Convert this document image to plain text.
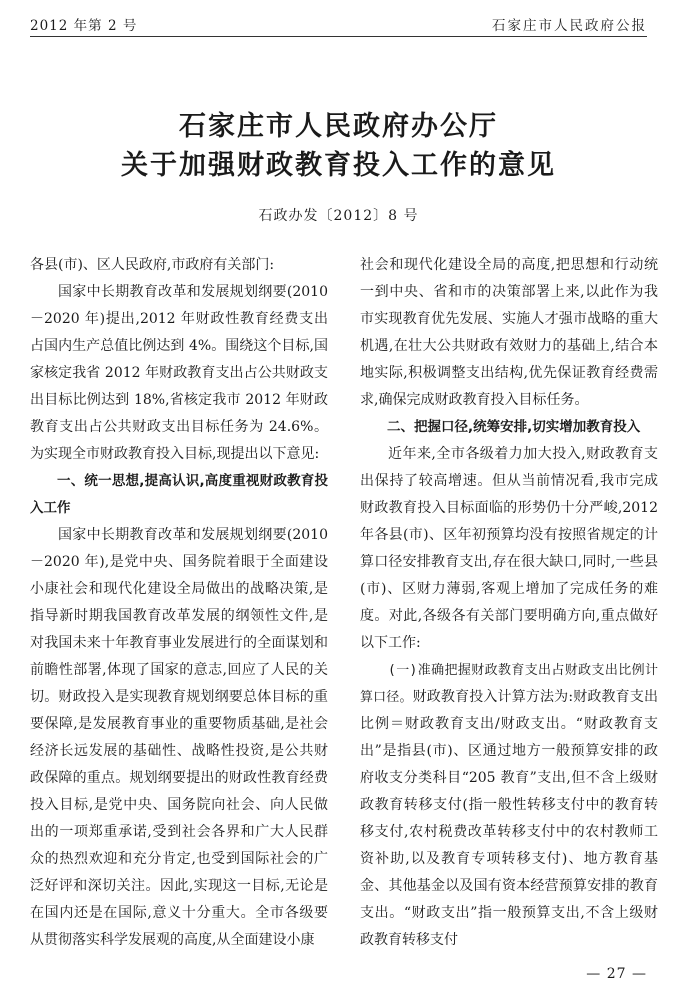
2012 年第 2 号	石家庄市人民政府公报
石家庄市人民政府办公厅
关于加强财政教育投入工作的意见
石政办发〔2012〕8 号

各县(市)、区人民政府,市政府有关部门:

国家中长期教育改革和发展规划纲要(2010－2020 年)提出,2012 年财政性教育经费支出占国内生产总值比例达到 4%。围绕这个目标,国家核定我省 2012 年财政教育支出占公共财政支出目标比例达到 18%,省核定我市 2012 年财政教育支出占公共财政支出目标任务为 24.6%。为实现全市财政教育投入目标,现提出以下意见:

一、统一思想,提高认识,高度重视财政教育投入工作

国家中长期教育改革和发展规划纲要(2010－2020 年),是党中央、国务院着眼于全面建设小康社会和现代化建设全局做出的战略决策,是指导新时期我国教育改革发展的纲领性文件,是对我国未来十年教育事业发展进行的全面谋划和前瞻性部署,体现了国家的意志,回应了人民的关切。财政投入是实现教育规划纲要总体目标的重要保障,是发展教育事业的重要物质基础,是社会经济长远发展的基础性、战略性投资,是公共财政保障的重点。规划纲要提出的财政性教育经费投入目标,是党中央、国务院向社会、向人民做出的一项郑重承诺,受到社会各界和广大人民群众的热烈欢迎和充分肯定,也受到国际社会的广泛好评和深切关注。因此,实现这一目标,无论是在国内还是在国际,意义十分重大。全市各级要从贯彻落实科学发展观的高度,从全面建设小康

社会和现代化建设全局的高度,把思想和行动统一到中央、省和市的决策部署上来,以此作为我市实现教育优先发展、实施人才强市战略的重大机遇,在壮大公共财政有效财力的基础上,结合本地实际,积极调整支出结构,优先保证教育经费需求,确保完成财政教育投入目标任务。

二、把握口径,统筹安排,切实增加教育投入

近年来,全市各级着力加大投入,财政教育支出保持了较高增速。但从当前情况看,我市完成财政教育投入目标面临的形势仍十分严峻,2012 年各县(市)、区年初预算均没有按照省规定的计算口径安排教育支出,存在很大缺口,同时,一些县(市)、区财力薄弱,客观上增加了完成任务的难度。对此,各级各有关部门要明确方向,重点做好以下工作:

(一)准确把握财政教育支出占财政支出比例计算口径。财政教育投入计算方法为:财政教育支出比例＝财政教育支出/财政支出。“财政教育支出”是指县(市)、区通过地方一般预算安排的政府收支分类科目“205 教育”支出,但不含上级财政教育转移支付(指一般性转移支付中的教育转移支付,农村税费改革转移支付中的农村教师工资补助,以及教育专项转移支付)、地方教育基金、其他基金以及国有资本经营预算安排的教育支出。“财政支出”指一般预算支出,不含上级财政教育转移支付

— 27 —
